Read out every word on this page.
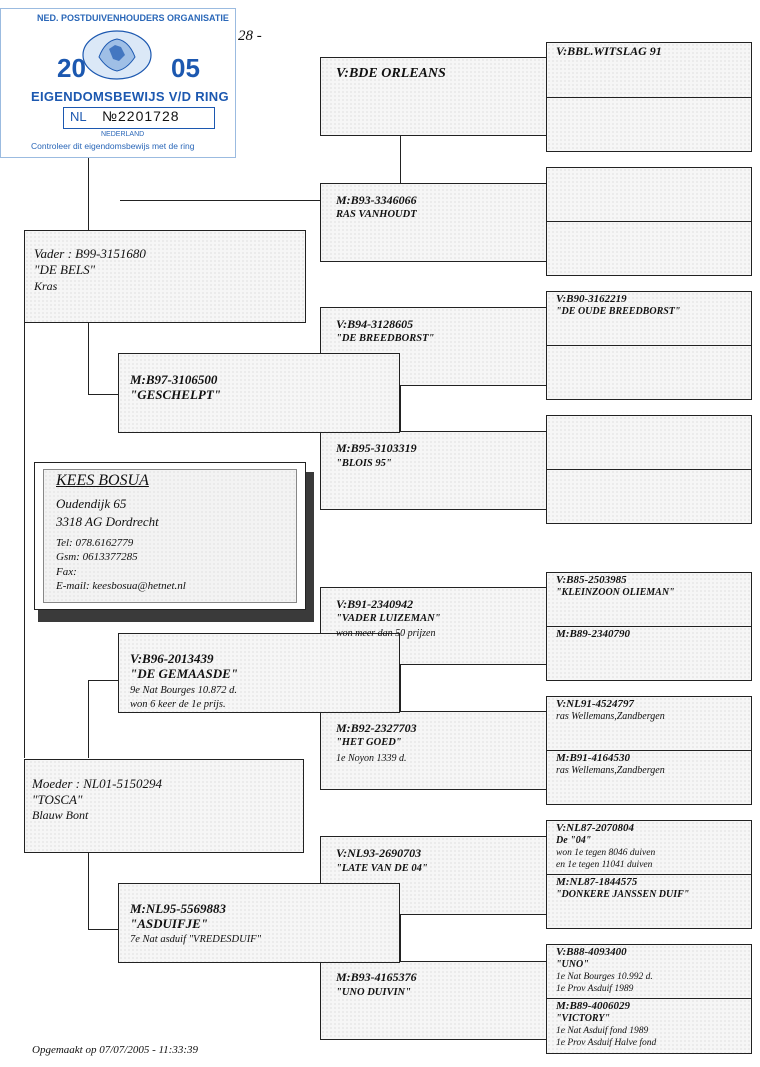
28 -
Vader : B99-3151680
"DE BELS"
Kras
Moeder : NL01-5150294
"TOSCA"
Blauw Bont
V:BDE ORLEANS
M:B97-3106500
"GESCHELPT"
V:B96-2013439
"DE GEMAASDE"
9e Nat Bourges 10.872 d.
won 6 keer de 1e prijs.
M:NL95-5569883
"ASDUIFJE"
7e Nat asduif "VREDESDUIF"
M:B93-3346066
RAS VANHOUDT
V:B94-3128605
"DE BREEDBORST"
M:B95-3103319
"BLOIS 95"
V:B91-2340942
"VADER LUIZEMAN"
won meer dan 50 prijzen
M:B92-2327703
"HET GOED"
1e Noyon 1339 d.
V:NL93-2690703
"LATE VAN DE 04"
M:B93-4165376
"UNO DUIVIN"
V:BBL.WITSLAG 91
V:B90-3162219
"DE OUDE BREEDBORST"
V:B85-2503985
"KLEINZOON OLIEMAN"
M:B89-2340790
V:NL91-4524797
ras Wellemans,Zandbergen
M:B91-4164530
ras Wellemans,Zandbergen
V:NL87-2070804
De "04"
won 1e tegen 8046 duiven
en 1e tegen 11041 duiven
M:NL87-1844575
"DONKERE JANSSEN DUIF"
V:B88-4093400
"UNO"
1e Nat Bourges 10.992 d.
1e Prov Asduif 1989
M:B89-4006029
"VICTORY"
1e Nat Asduif fond 1989
1e Prov Asduif Halve fond
KEES BOSUA
Oudendijk 65
3318 AG Dordrecht
Tel: 078.6162779
Gsm: 0613377285
Fax:
E-mail: keesbosua@hetnet.nl
NED. POSTDUIVENHOUDERS ORGANISATIE
20	05
EIGENDOMSBEWIJS V/D RING
NL №2201728
NEDERLAND
Controleer dit eigendomsbewijs met de ring
Opgemaakt op 07/07/2005 - 11:33:39
